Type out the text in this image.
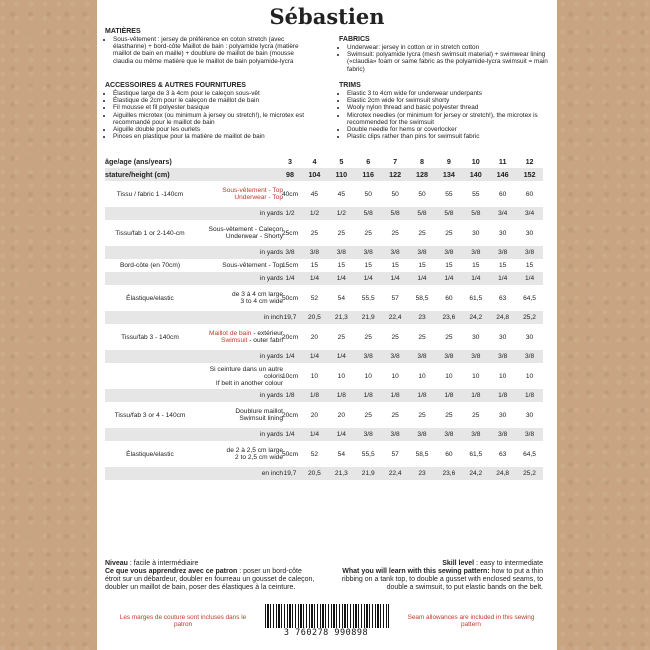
Sébastien
MATIÈRES
• Sous-vêtement : jersey de préférence en coton stretch (avec élasthanne) + bord-côte Maillot de bain : polyamide lycra (matière maillot de bain en maille) + doublure de maillot de bain (mousse claudia ou même matière que le maillot de bain polyamide-lycra
FABRICS
• Underwear: jersey in cotton or in stretch cotton
• Swimsuit: polyamide lycra (mesh swimsuit material) + swimwear lining («claudia» foam or same fabric as the polyamide-lycra swimsuit = main fabric)
ACCESSOIRES & AUTRES FOURNITURES
• Élastique large de 3 à 4cm pour le caleçon sous-vêt
• Élastique de 2cm pour le caleçon de maillot de bain
• Fil mousse et fil polyester basique
• Aiguilles microtex (ou minimum à jersey ou stretch!), le microtex est recommandé pour le maillot de bain
• Aiguille double pour les ourlets
• Pinces en plastique pour la matière de maillot de bain
TRIMS
• Elastic 3 to 4cm wide for underwear underpants
• Elastic 2cm wide for swimsuit shorty
• Wooly nylon thread and basic polyester thread
• Microtex needles (or minimum for jersey or stretch!), the microtex is recommended for the swimsuit
• Double needle for hems or coverlocker
• Plastic clips rather than pins for swimsuit fabric
âge/age (ans/years)	3	4	5	6	7	8	9	10	11	12
stature/height (cm)	98	104	110	116	122	128	134	140	146	152
Tissu / fabric 1 -140cm	Sous-vêtement - Top
Underwear - Top
40cm	45	45	50	50	50	55	55	60	60
in yards 1/2	1/2	1/2	5/8	5/8	5/8	5/8	5/8	3/4	3/4
Tissu/fab 1 or 2-140-cm	Sous-vêtement - Caleçon
Underwear - Shorty
25cm	25	25	25	25	25	25	30	30	30
in yards 3/8	3/8	3/8	3/8	3/8	3/8	3/8	3/8	3/8	3/8
Bord-côte (en 70cm)	Sous-vêtement - Top
15cm	15	15	15	15	15	15	15	15	15
in yards 1/4	1/4	1/4	1/4	1/4	1/4	1/4	1/4	1/4	1/4
Élastique/elastic	de 3 à 4 cm large
3 to 4 cm wide
50cm	52	54	55,5	57	58,5	60	61,5	63	64,5
in inch 19,7	20,5	21,3	21,9	22,4	23	23,6	24,2	24,8	25,2
Tissu/fab 3 - 140cm	Maillot de bain - extérieur
Swimsuit - outer fabri
20cm	20	25	25	25	25	25	30	30	30
in yards 1/4	1/4	1/4	3/8	3/8	3/8	3/8	3/8	3/8	3/8
Si ceinture dans un autre coloris
If belt in another colour
10cm	10	10	10	10	10	10	10	10	10
in yards 1/8	1/8	1/8	1/8	1/8	1/8	1/8	1/8	1/8	1/8
Tissu/fab 3 or 4 - 140cm	Doublure maillot
Swimsuit lining
20cm	20	20	25	25	25	25	25	30	30
in yards 1/4	1/4	1/4	3/8	3/8	3/8	3/8	3/8	3/8	3/8
Élastique/elastic	de 2 à 2,5 cm large
2 to 2,5 cm wide
50cm	52	54	55,5	57	58,5	60	61,5	63	64,5
en inch 19,7	20,5	21,3	21,9	22,4	23	23,6	24,2	24,8	25,2
Niveau : facile à intermédiaire
Ce que vous apprendrez avec ce patron : poser un bord-côte étroit sur un débardeur, doubler en fourreau un gousset de caleçon, doubler un maillot de bain, poser des élastiques à la ceinture.
Skill level : easy to intermediate
What you will learn with this sewing pattern: how to put a thin ribbing on a tank top, to double a gusset with enclosed seams, to double a swimsuit, to put elastic bands on the belt.
Les marges de couture sont incluses dans le patron
Seam allowances are included in this sewing pattern
3 760278 990898
